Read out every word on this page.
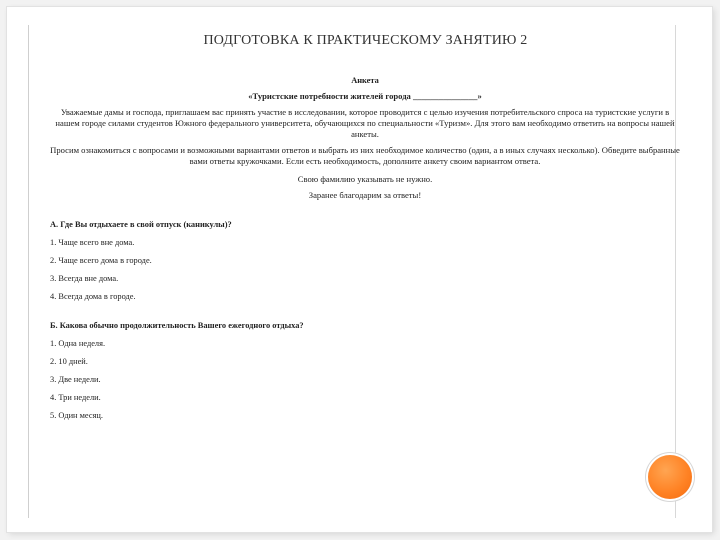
ПОДГОТОВКА К ПРАКТИЧЕСКОМУ ЗАНЯТИЮ 2

Анкета

«Туристские потребности жителей города _______________»

Уважаемые дамы и господа, приглашаем вас принять участие в исследовании, которое проводится с целью изучения потребительского спроса на туристские услуги в нашем городе силами студентов Южного федерального университета, обучающихся по специальности «Туризм». Для этого вам необходимо ответить на вопросы нашей анкеты.

Просим ознакомиться с вопросами и возможными вариантами ответов и выбрать из них необходимое количество (один, а в иных случаях несколько). Обведите выбранные вами ответы кружочками. Если есть необходимость, дополните анкету своим вариантом ответа.

Свою фамилию указывать не нужно.

Заранее благодарим за ответы!

А. Где Вы отдыхаете в свой отпуск (каникулы)?

1. Чаще всего вне дома.

2. Чаще всего дома в городе.

3. Всегда вне дома.

4. Всегда дома в городе.

Б. Какова обычно продолжительность Вашего ежегодного отдыха?

1. Одна неделя.

2. 10 дней.

3. Две недели.

4. Три недели.

5. Один месяц.
